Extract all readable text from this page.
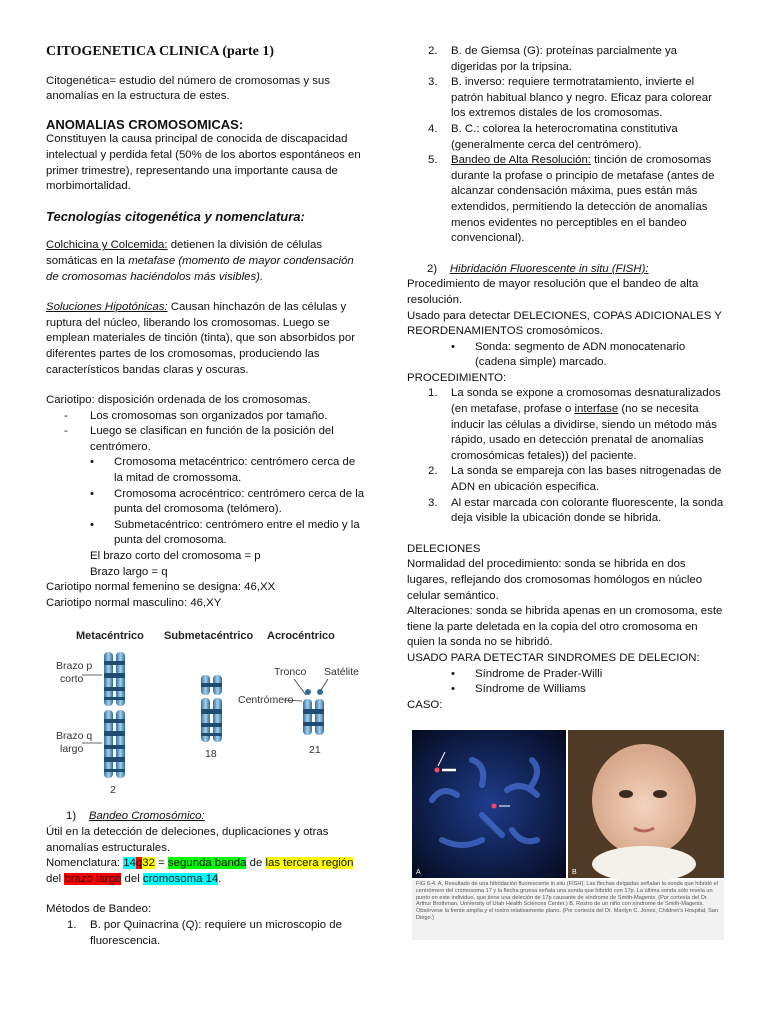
CITOGENETICA CLINICA (parte 1)

Citogenética= estudio del número de cromosomas y sus anomalías en la estructura de estes.

ANOMALIAS CROMOSOMICAS:

Constituyen la causa principal de conocida de discapacidad intelectual y perdida fetal (50% de los abortos espontáneos en primer trimestre), representando una importante causa de morbimortalidad.

Tecnologías citogenética y nomenclatura:

Colchicina y Colcemida: detienen la división de células somáticas en la metafase (momento de mayor condensación de cromosomas haciéndolos más visibles).

Soluciones Hipotónicas: Causan hinchazón de las células y ruptura del núcleo, liberando los cromosomas. Luego se emplean materiales de tinción (tinta), que son absorbidos por diferentes partes de los cromosomas, produciendo las característicos bandas claras y oscuras.

Cariotipo: disposición ordenada de los cromosomas.

- Los cromosomas son organizados por tamaño.
- Luego se clasifican en función de la posición del centrómero.
• Cromosoma metacéntrico: centrómero cerca de la mitad de cromossoma.
• Cromosoma acrocéntrico: centrómero cerca de la punta del cromosoma (telómero).
• Submetacéntrico: centrómero entre el medio y la punta del cromosoma.

El brazo corto del cromosoma = p

Brazo largo = q

Cariotipo normal femenino se designa: 46,XX

Cariotipo normal masculino: 46,XY

Metacéntrico Submetacéntrico Acrocéntrico
Brazo p
corto
Brazo q
largo
2
18
Tronco Satélite
Centrómero
21

1) Bandeo Cromosómico:

Útil en la detección de deleciones, duplicaciones y otras anomalías estructurales.

Nomenclatura: 14q32 = segunda banda de las tercera región
del brazo largo del cromosoma 14.

Métodos de Bandeo:

1. B. por Quinacrina (Q): requiere un microscopio de fluorescencia.
2. B. de Giemsa (G): proteínas parcialmente ya digeridas por la tripsina.
3. B. inverso: requiere termotratamiento, invierte el patrón habitual blanco y negro. Eficaz para colorear los extremos distales de los cromosomas.
4. B. C.: colorea la heterocromatina constitutiva (generalmente cerca del centrómero).
5. Bandeo de Alta Resolución: tinción de cromosomas durante la profase o principio de metafase (antes de alcanzar condensación máxima, pues están más extendidos, permitiendo la detección de anomalías menos evidentes no perceptibles en el bandeo convencional).

2) Hibridación Fluorescente in situ (FISH):

Procedimiento de mayor resolución que el bandeo de alta resolución.

Usado para detectar DELECIONES, COPAS ADICIONALES Y REORDENAMIENTOS cromosómicos.

• Sonda: segmento de ADN monocatenario (cadena simple) marcado.

PROCEDIMIENTO:

1. La sonda se expone a cromosomas desnaturalizados (en metafase, profase o interfase (no se necesita inducir las células a dividirse, siendo un método más rápido, usado en detección prenatal de anomalías cromosómicas fetales)) del paciente.
2. La sonda se empareja con las bases nitrogenadas de ADN en ubicación especifica.
3. Al estar marcada con colorante fluorescente, la sonda deja visible la ubicación donde se hibrida.

DELECIONES

Normalidad del procedimiento: sonda se hibrida en dos lugares, reflejando dos cromosomas homólogos en núcleo celular semántico.

Alteraciones: sonda se hibrida apenas en un cromosoma, este tiene la parte deletada en la copia del otro cromosoma en quien la sonda no se hibridó.

USADO PARA DETECTAR SINDROMES DE DELECION:

• Síndrome de Prader-Willi
• Síndrome de Williams

CASO:

A	B
FIG 6-4. A, Resultado de una hibridación fluorescente in situ (FISH). Las flechas delgadas señalan la sonda que hibridó el centrómero del cromosoma 17 y la flecha gruesa señala una sonda que hibridó con 17p. La última sonda sólo revela un punto en este individuo, que tiene una deleción de 17p causante de síndrome de Smith-Magenis. (Por cortesía del Dr. Arthur Brothman, University of Utah Health Sciences Center.) B, Rostro de un niño con síndrome de Smith-Magenis. Obsérvese la frente amplia y el rostro relativamente plano. (Por cortesía del Dr. Marilyn C. Jones, Children's Hospital, San Diego.)
